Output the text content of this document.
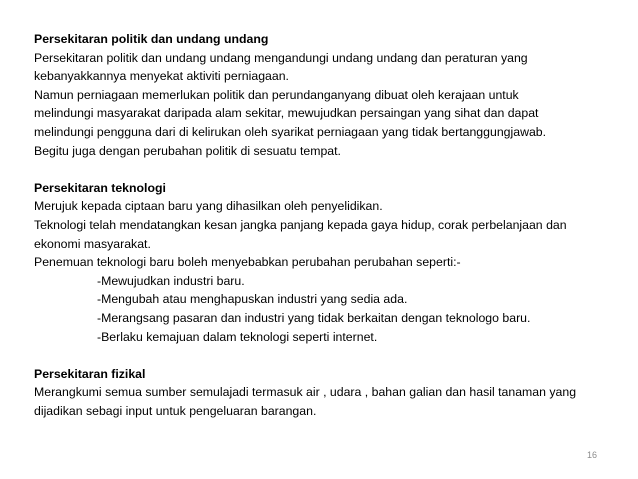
Persekitaran politik dan undang undang
Persekitaran politik dan undang undang mengandungi undang undang dan peraturan yang
kebanyakkannya menyekat aktiviti perniagaan.
Namun perniagaan memerlukan politik dan perundanganyang dibuat oleh kerajaan untuk
melindungi masyarakat daripada alam sekitar, mewujudkan persaingan yang sihat dan dapat
melindungi pengguna dari di kelirukan oleh syarikat perniagaan yang tidak bertanggungjawab.
Begitu juga dengan perubahan politik di sesuatu tempat.
Persekitaran teknologi
Merujuk kepada ciptaan baru yang dihasilkan oleh penyelidikan.
Teknologi telah mendatangkan kesan jangka panjang kepada gaya hidup, corak perbelanjaan dan
ekonomi masyarakat.
Penemuan teknologi baru boleh menyebabkan perubahan perubahan seperti:-
-Mewujudkan industri baru.
-Mengubah atau menghapuskan industri yang sedia ada.
-Merangsang pasaran dan industri yang tidak berkaitan dengan teknologo baru.
-Berlaku kemajuan dalam teknologi seperti internet.
Persekitaran fizikal
Merangkumi semua sumber semulajadi termasuk air , udara , bahan galian dan hasil tanaman yang
dijadikan sebagi input untuk pengeluaran barangan.
16
